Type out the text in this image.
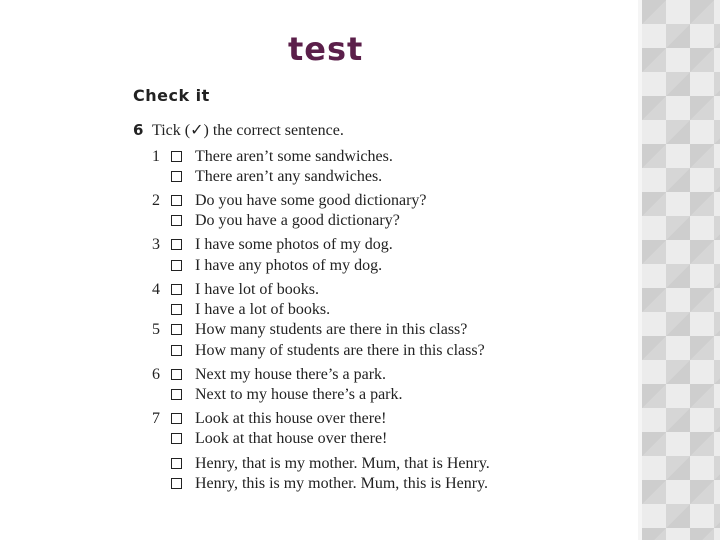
test
Check it
6 Tick (✓) the correct sentence.
1	There aren’t some sandwiches.
There aren’t any sandwiches.
2	Do you have some good dictionary?
Do you have a good dictionary?
3	I have some photos of my dog.
I have any photos of my dog.
4	I have lot of books.
I have a lot of books.
5	How many students are there in this class?
How many of students are there in this class?
6	Next my house there’s a park.
Next to my house there’s a park.
7	Look at this house over there!
Look at that house over there!
Henry, that is my mother. Mum, that is Henry.
Henry, this is my mother. Mum, this is Henry.
